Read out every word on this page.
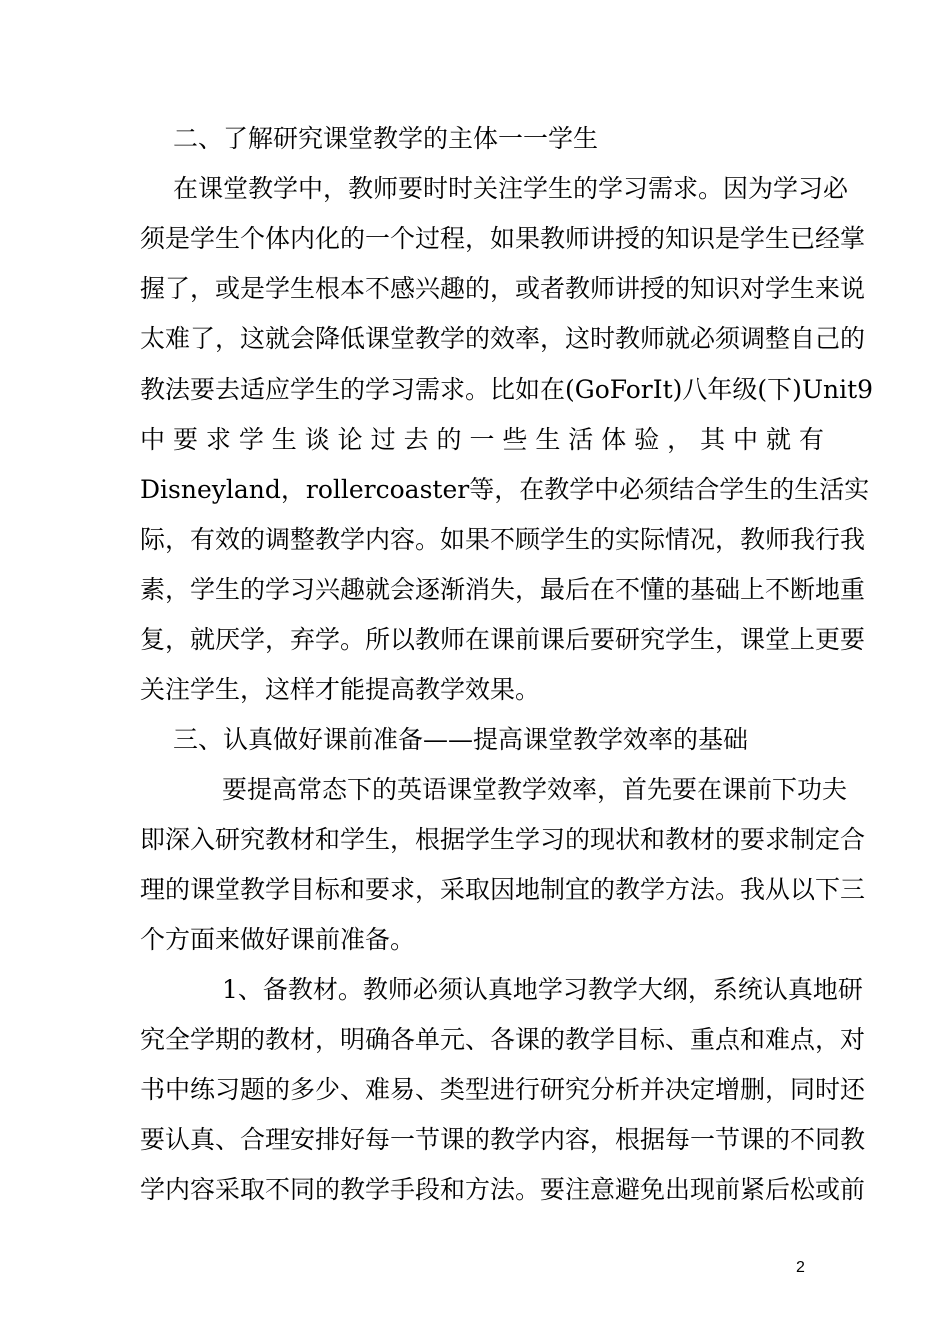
二、了解研究课堂教学的主体一一学生
在课堂教学中，教师要时时关注学生的学习需求。因为学习必
须是学生个体内化的一个过程，如果教师讲授的知识是学生已经掌
握了，或是学生根本不感兴趣的，或者教师讲授的知识对学生来说
太难了，这就会降低课堂教学的效率，这时教师就必须调整自己的
教法要去适应学生的学习需求。比如在(GoForIt)八年级(下)Unit9
中 要 求 学 生 谈 论 过 去 的 一 些 生 活 体 验 ， 其 中 就 有
Disneyland，rollercoaster等，在教学中必须结合学生的生活实
际，有效的调整教学内容。如果不顾学生的实际情况，教师我行我
素，学生的学习兴趣就会逐渐消失，最后在不懂的基础上不断地重
复，就厌学，弃学。所以教师在课前课后要研究学生，课堂上更要
关注学生，这样才能提高教学效果。
三、认真做好课前准备——提高课堂教学效率的基础
要提高常态下的英语课堂教学效率，首先要在课前下功夫
即深入研究教材和学生，根据学生学习的现状和教材的要求制定合
理的课堂教学目标和要求，采取因地制宜的教学方法。我从以下三
个方面来做好课前准备。
1、备教材。教师必须认真地学习教学大纲，系统认真地研
究全学期的教材，明确各单元、各课的教学目标、重点和难点，对
书中练习题的多少、难易、类型进行研究分析并决定增删，同时还
要认真、合理安排好每一节课的教学内容，根据每一节课的不同教
学内容采取不同的教学手段和方法。要注意避免出现前紧后松或前
2
